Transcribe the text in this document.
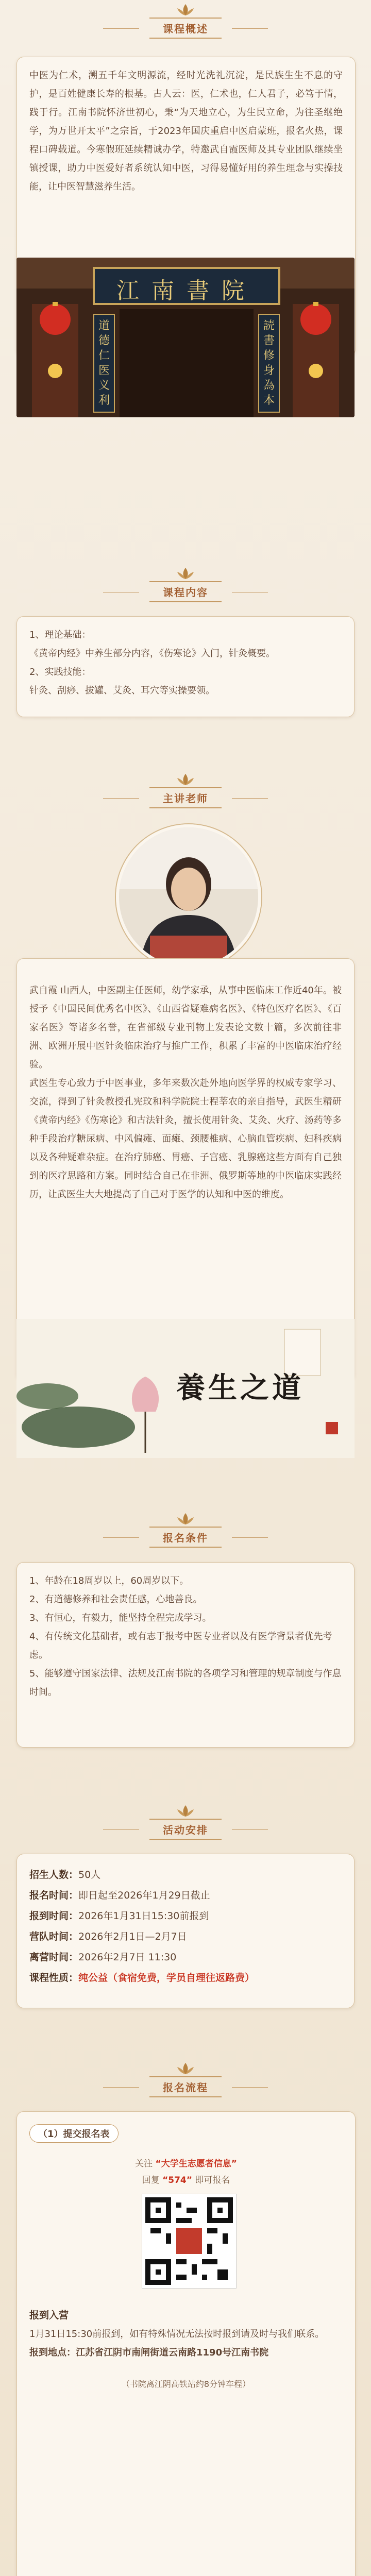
课程概述

中医为仁术，溯五千年文明源流，经时光洗礼沉淀，是民族生生不息的守护，是百姓健康长寿的根基。古人云：医，仁术也，仁人君子，必笃于情，践于行。江南书院怀济世初心，秉“为天地立心，为生民立命，为往圣继绝学，为万世开太平”之宗旨，于2023年国庆重启中医启蒙班，报名火热，课程口碑载道。今寒假班延续精诚办学，特邀武自霞医师及其专业团队继续坐镇授课，助力中医爱好者系统认知中医，习得易懂好用的养生理念与实操技能，让中医智慧滋养生活。

江南書院
道德仁医义利
読書修身為本
课程内容

1、理论基础：

《黄帝内经》中养生部分内容，《伤寒论》入门，针灸概要。

2、实践技能：

针灸、刮痧、拔罐、艾灸、耳穴等实操要领。

主讲老师

武自霞 山西人，中医副主任医师，幼学家承，从事中医临床工作近40年。被授予《中国民间优秀名中医》、《山西省疑难病名医》、《特色医疗名医》、《百家名医》等诸多名誉，在省部级专业刊物上发表论文数十篇，多次前往非洲、欧洲开展中医针灸临床治疗与推广工作，积累了丰富的中医临床治疗经验。

武医生专心致力于中医事业，多年来数次赴外地向医学界的权威专家学习、交流，得到了针灸教授孔宪玟和科学院院士程莘农的亲自指导，武医生精研《黄帝内经》《伤寒论》和古法针灸，擅长使用针灸、艾灸、火疗、汤药等多种手段治疗糖尿病、中风偏瘫、面瘫、颈腰椎病、心脑血管疾病、妇科疾病以及各种疑难杂症。在治疗肺癌、胃癌、子宫癌、乳腺癌这些方面有自己独到的医疗思路和方案。同时结合自己在非洲、俄罗斯等地的中医临床实践经历，让武医生大大地提高了自己对于医学的认知和中医的维度。

養生之道
报名条件

1、年龄在18周岁以上，60周岁以下。

2、有道德修养和社会责任感，心地善良。

3、有恒心，有毅力，能坚持全程完成学习。

4、有传统文化基础者，或有志于报考中医专业者以及有医学背景者优先考虑。

5、能够遵守国家法律、法规及江南书院的各项学习和管理的规章制度与作息时间。

活动安排
招生人数：50人
报名时间：即日起至2026年1月29日截止
报到时间：2026年1月31日15:30前报到
营队时间：2026年2月1日—2月7日
离营时间：2026年2月7日 11:30
课程性质：纯公益（食宿免费，学员自理往返路费）
报名流程
（1）提交报名表
关注 “大学生志愿者信息”
回复 “574” 即可报名
报到入营
1月31日15:30前报到，如有特殊情况无法按时报到请及时与我们联系。
报到地点：江苏省江阴市南闸街道云南路1190号江南书院
（书院离江阴高铁站约8分钟车程）
